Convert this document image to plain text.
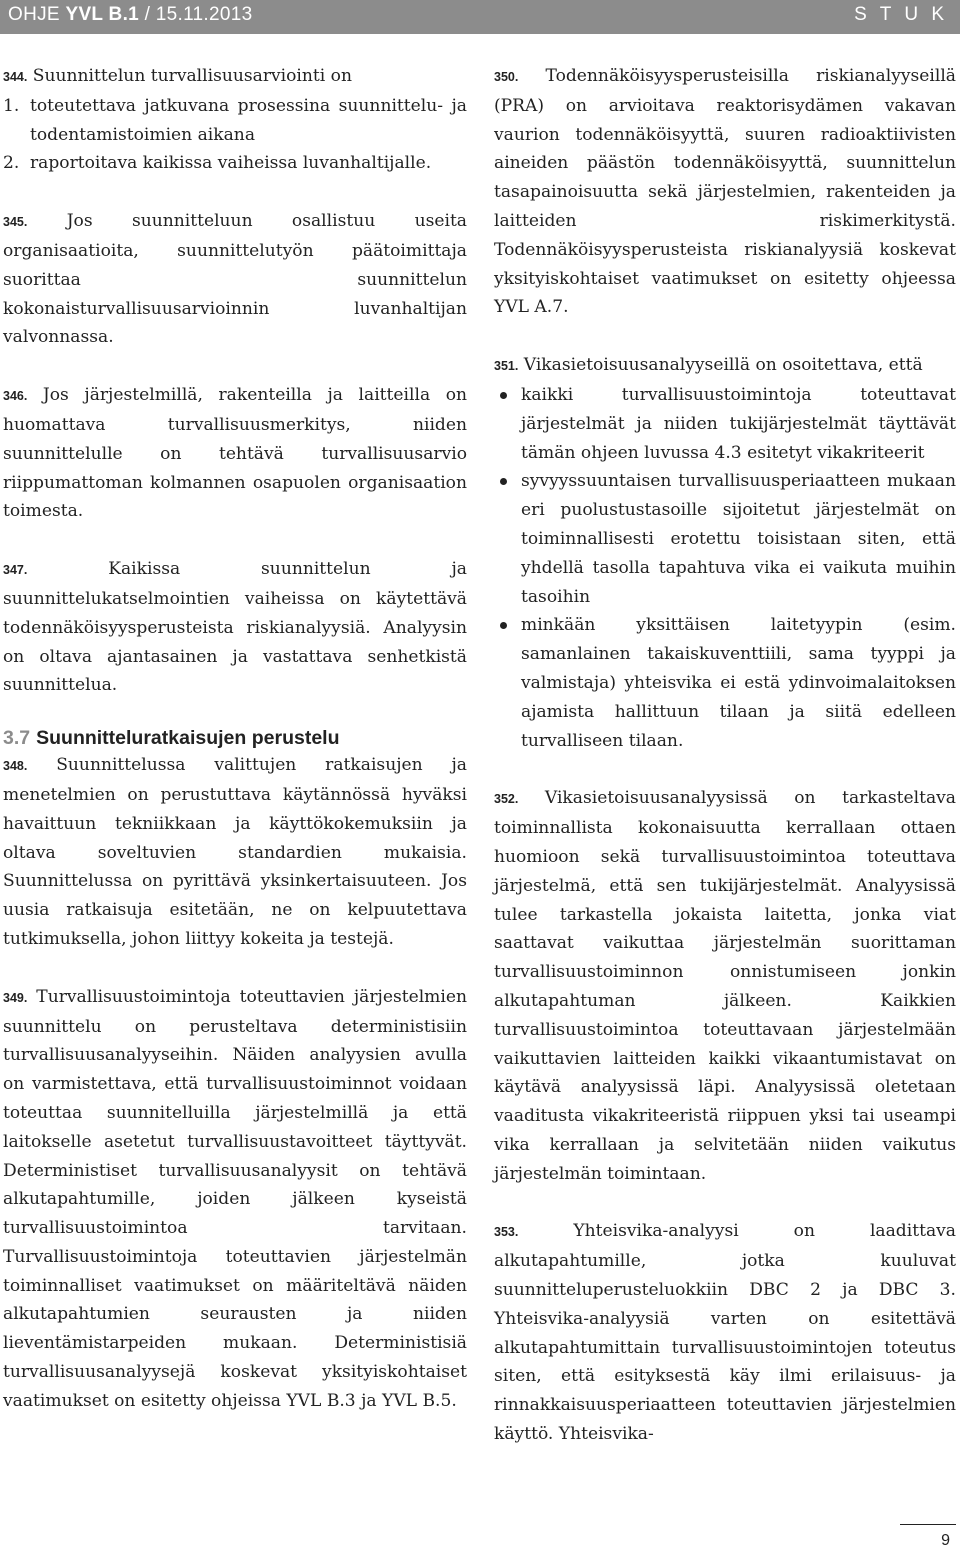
OHJE YVL B.1 / 15.11.2013	S T U K

344. Suunnittelun turvallisuusarviointi on

1. toteutettava jatkuvana prosessina suunnittelu- ja todentamistoimien aikana
2. raportoitava kaikissa vaiheissa luvanhaltijalle.

345. Jos suunnitteluun osallistuu useita organisaatioita, suunnittelutyön päätoimittaja suorittaa suunnittelun kokonaisturvallisuusarvioinnin luvanhaltijan valvonnassa.

346. Jos järjestelmillä, rakenteilla ja laitteilla on huomattava turvallisuusmerkitys, niiden suunnittelulle on tehtävä turvallisuusarvio riippumattoman kolmannen osapuolen organisaation toimesta.

347. Kaikissa suunnittelun ja suunnittelukatselmointien vaiheissa on käytettävä todennäköisyysperusteista riskianalyysiä. Analyysin on oltava ajantasainen ja vastattava senhetkistä suunnittelua.

3.7 Suunnitteluratkaisujen perustelu

348. Suunnittelussa valittujen ratkaisujen ja menetelmien on perustuttava käytännössä hyväksi havaittuun tekniikkaan ja käyttökokemuksiin ja oltava soveltuvien standardien mukaisia. Suunnittelussa on pyrittävä yksinkertaisuuteen. Jos uusia ratkaisuja esitetään, ne on kelpuutettava tutkimuksella, johon liittyy kokeita ja testejä.

349. Turvallisuustoimintoja toteuttavien järjestelmien suunnittelu on perusteltava deterministisiin turvallisuusanalyyseihin. Näiden analyysien avulla on varmistettava, että turvallisuustoiminnot voidaan toteuttaa suunnitelluilla järjestelmillä ja että laitokselle asetetut turvallisuustavoitteet täyttyvät. Deterministiset turvallisuusanalyysit on tehtävä alkutapahtumille, joiden jälkeen kyseistä turvallisuustoimintoa tarvitaan. Turvallisuustoimintoja toteuttavien järjestelmän toiminnalliset vaatimukset on määriteltävä näiden alkutapahtumien seurausten ja niiden lieventämistarpeiden mukaan. Deterministisiä turvallisuusanalyysejä koskevat yksityiskohtaiset vaatimukset on esitetty ohjeissa YVL B.3 ja YVL B.5.

350. Todennäköisyysperusteisilla riskianalyyseillä (PRA) on arvioitava reaktorisydämen vakavan vaurion todennäköisyyttä, suuren radioaktiivisten aineiden päästön todennäköisyyttä, suunnittelun tasapainoisuutta sekä järjestelmien, rakenteiden ja laitteiden riskimerkitystä. Todennäköisyysperusteista riskianalyysiä koskevat yksityiskohtaiset vaatimukset on esitetty ohjeessa YVL A.7.

351. Vikasietoisuusanalyyseillä on osoitettava, että

kaikki turvallisuustoimintoja toteuttavat järjestelmät ja niiden tukijärjestelmät täyttävät tämän ohjeen luvussa 4.3 esitetyt vikakriteerit
syvyyssuuntaisen turvallisuusperiaatteen mukaan eri puolustustasoille sijoitetut järjestelmät on toiminnallisesti erotettu toisistaan siten, että yhdellä tasolla tapahtuva vika ei vaikuta muihin tasoihin
minkään yksittäisen laitetyypin (esim. samanlainen takaiskuventtiili, sama tyyppi ja valmistaja) yhteisvika ei estä ydinvoimalaitoksen ajamista hallittuun tilaan ja siitä edelleen turvalliseen tilaan.

352. Vikasietoisuusanalyysissä on tarkasteltava toiminnallista kokonaisuutta kerrallaan ottaen huomioon sekä turvallisuustoimintoa toteuttava järjestelmä, että sen tukijärjestelmät. Analyysissä tulee tarkastella jokaista laitetta, jonka viat saattavat vaikuttaa järjestelmän suorittaman turvallisuustoiminnon onnistumiseen jonkin alkutapahtuman jälkeen. Kaikkien turvallisuustoimintoa toteuttavaan järjestelmään vaikuttavien laitteiden kaikki vikaantumistavat on käytävä analyysissä läpi. Analyysissä oletetaan vaaditusta vikakriteeristä riippuen yksi tai useampi vika kerrallaan ja selvitetään niiden vaikutus järjestelmän toimintaan.

353. Yhteisvika-analyysi on laadittava alkutapahtumille, jotka kuuluvat suunnitteluperusteluokkiin DBC 2 ja DBC 3. Yhteisvika-analyysiä varten on esitettävä alkutapahtumittain turvallisuustoimintojen toteutus siten, että esityksestä käy ilmi erilaisuus- ja rinnakkaisuusperiaatteen toteuttavien järjestelmien käyttö. Yhteisvika-

9
